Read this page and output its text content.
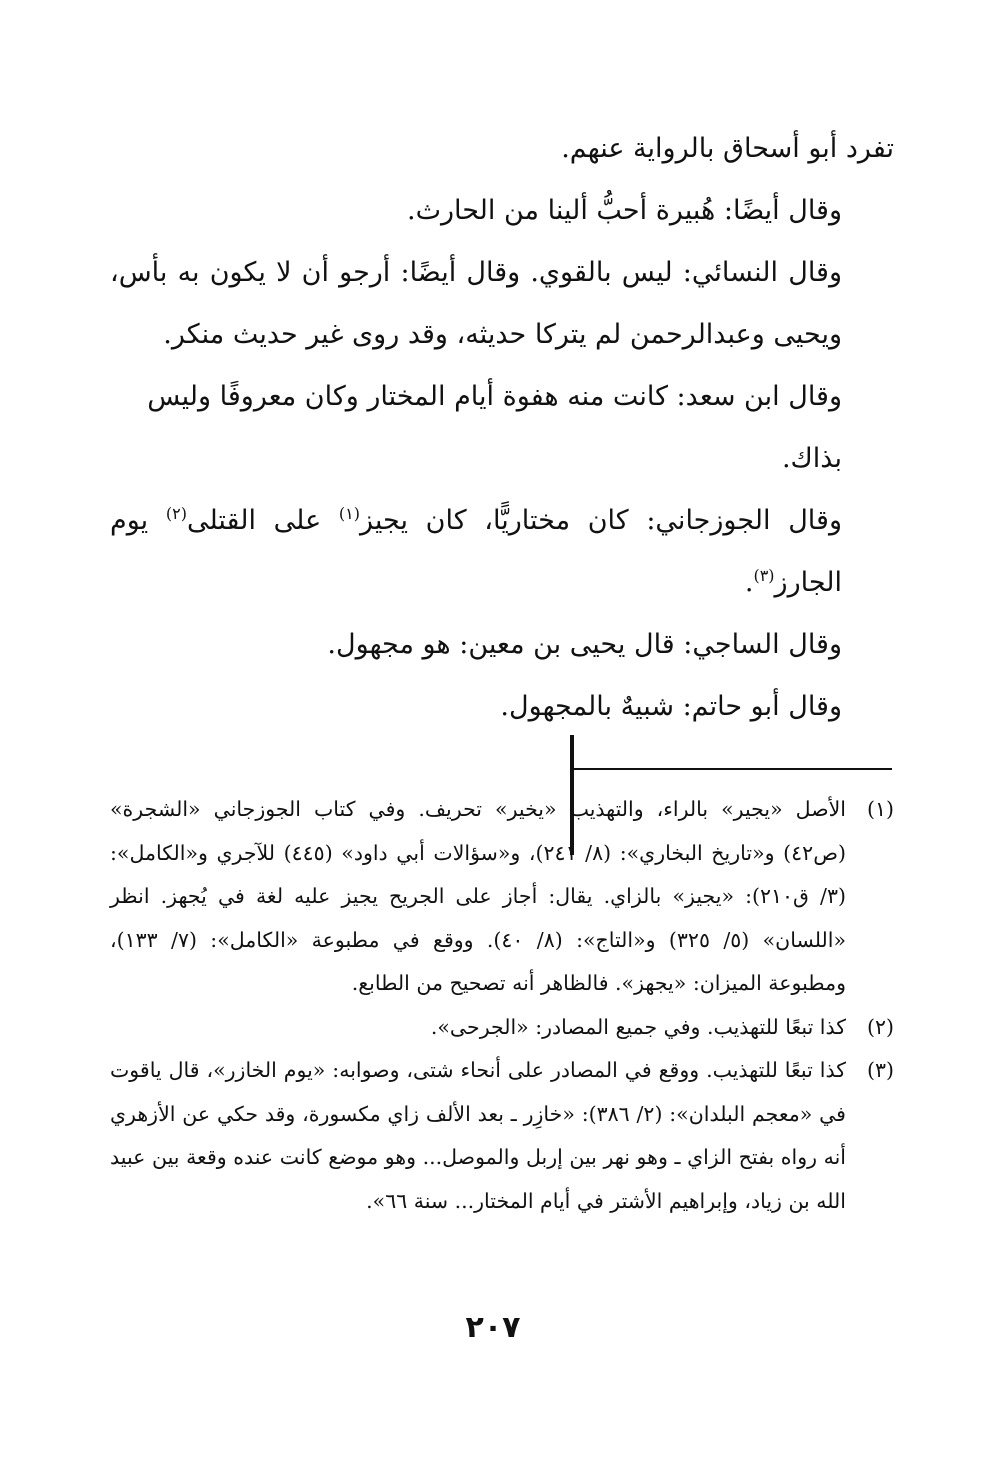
تفرد أبو أسحاق بالرواية عنهم.

وقال أيضًا: هُبيرة أحبُّ ألينا من الحارث.

وقال النسائي: ليس بالقوي. وقال أيضًا: أرجو أن لا يكون به بأس، ويحيى وعبدالرحمن لم يتركا حديثه، وقد روى غير حديث منكر.

وقال ابن سعد: كانت منه هفوة أيام المختار وكان معروفًا وليس بذاك.

وقال الجوزجاني: كان مختاريًّا، كان يجيز$^{(١)}$ على القتلى$^{(٢)}$ يوم الجارز$^{(٣)}$.

وقال الساجي: قال يحيى بن معين: هو مجهول.

وقال أبو حاتم: شبيهٌ بالمجهول.

(١)
الأصل «يجير» بالراء، والتهذيب «يخير» تحريف. وفي كتاب الجوزجاني «الشجرة» (ص٤٢) و«تاريخ البخاري»: (٨/ ٢٤١)، و«سؤالات أبي داود» (٤٤٥) للآجري و«الكامل»: (٣/ ق٢١٠): «يجيز» بالزاي. يقال: أجاز على الجريح يجيز عليه لغة في يُجهز. انظر «اللسان» (٥/ ٣٢٥) و«التاج»: (٨/ ٤٠). ووقع في مطبوعة «الكامل»: (٧/ ١٣٣)، ومطبوعة الميزان: «يجهز». فالظاهر أنه تصحيح من الطابع.
(٢)
كذا تبعًا للتهذيب. وفي جميع المصادر: «الجرحى».
(٣)
كذا تبعًا للتهذيب. ووقع في المصادر على أنحاء شتى، وصوابه: «يوم الخازر»، قال ياقوت في «معجم البلدان»: (٢/ ٣٨٦): «خازِر ـ بعد الألف زاي مكسورة، وقد حكي عن الأزهري أنه رواه بفتح الزاي ـ وهو نهر بين إربل والموصل... وهو موضع كانت عنده وقعة بين عبيد الله بن زياد، وإبراهيم الأشتر في أيام المختار... سنة ٦٦».
٢٠٧
